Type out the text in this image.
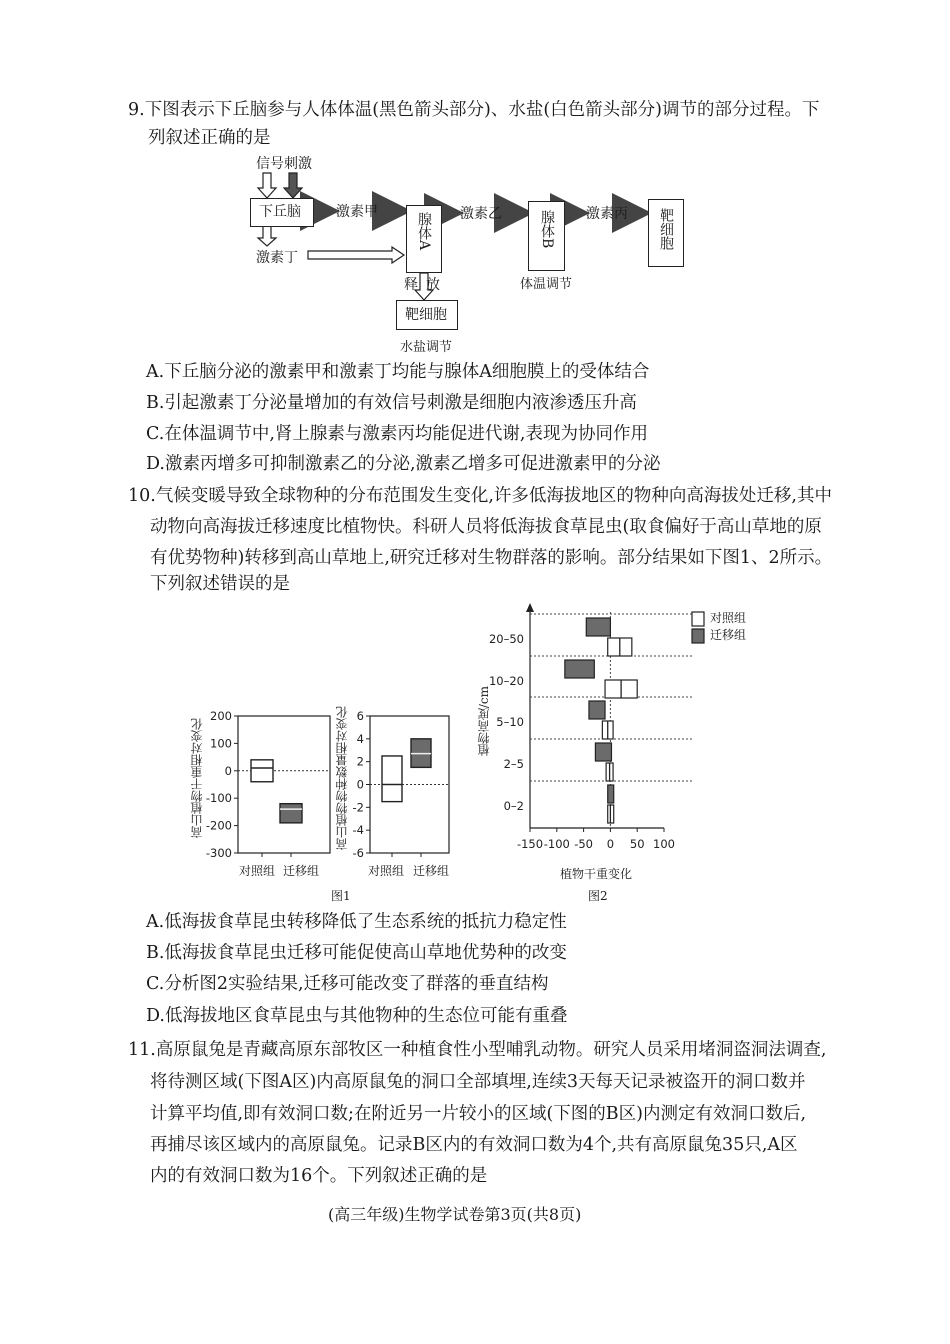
9.下图表示下丘脑参与人体体温(黑色箭头部分)、水盐(白色箭头部分)调节的部分过程。下
列叙述正确的是
信号刺激
下丘脑	激素甲	腺体A 激素乙	腺体B 激素丙 靶细胞
激素丁
体温调节
释放
靶细胞
水盐调节
A.下丘脑分泌的激素甲和激素丁均能与腺体A细胞膜上的受体结合
B.引起激素丁分泌量增加的有效信号刺激是细胞内液渗透压升高
C.在体温调节中,肾上腺素与激素丙均能促进代谢,表现为协同作用
D.激素丙增多可抑制激素乙的分泌,激素乙增多可促进激素甲的分泌
10.气候变暖导致全球物种的分布范围发生变化,许多低海拔地区的物种向高海拔处迁移,其中
动物向高海拔迁移速度比植物快。科研人员将低海拔食草昆虫(取食偏好于高山草地的原
有优势物种)转移到高山草地上,研究迁移对生物群落的影响。部分结果如下图1、2所示。
下列叙述错误的是
200
100
0
-100
-200
-300
高山植物干重相对变化
对照组 迁移组
6
4
2
0
-2
-4
-6
高山植物物种数量相对变化
对照组 迁移组
图1
-150 -100 -50 0 50 100
20–50
10–20
5–10
2–5
0–2
植物高度/cm
植物干重变化
对照组
迁移组
图2
A.低海拔食草昆虫转移降低了生态系统的抵抗力稳定性
B.低海拔食草昆虫迁移可能促使高山草地优势种的改变
C.分析图2实验结果,迁移可能改变了群落的垂直结构
D.低海拔地区食草昆虫与其他物种的生态位可能有重叠
11.高原鼠兔是青藏高原东部牧区一种植食性小型哺乳动物。研究人员采用堵洞盗洞法调查,
将待测区域(下图A区)内高原鼠兔的洞口全部填埋,连续3天每天记录被盗开的洞口数并
计算平均值,即有效洞口数;在附近另一片较小的区域(下图的B区)内测定有效洞口数后,
再捕尽该区域内的高原鼠兔。记录B区内的有效洞口数为4个,共有高原鼠兔35只,A区
内的有效洞口数为16个。下列叙述正确的是
(高三年级)生物学试卷第3页(共8页)
